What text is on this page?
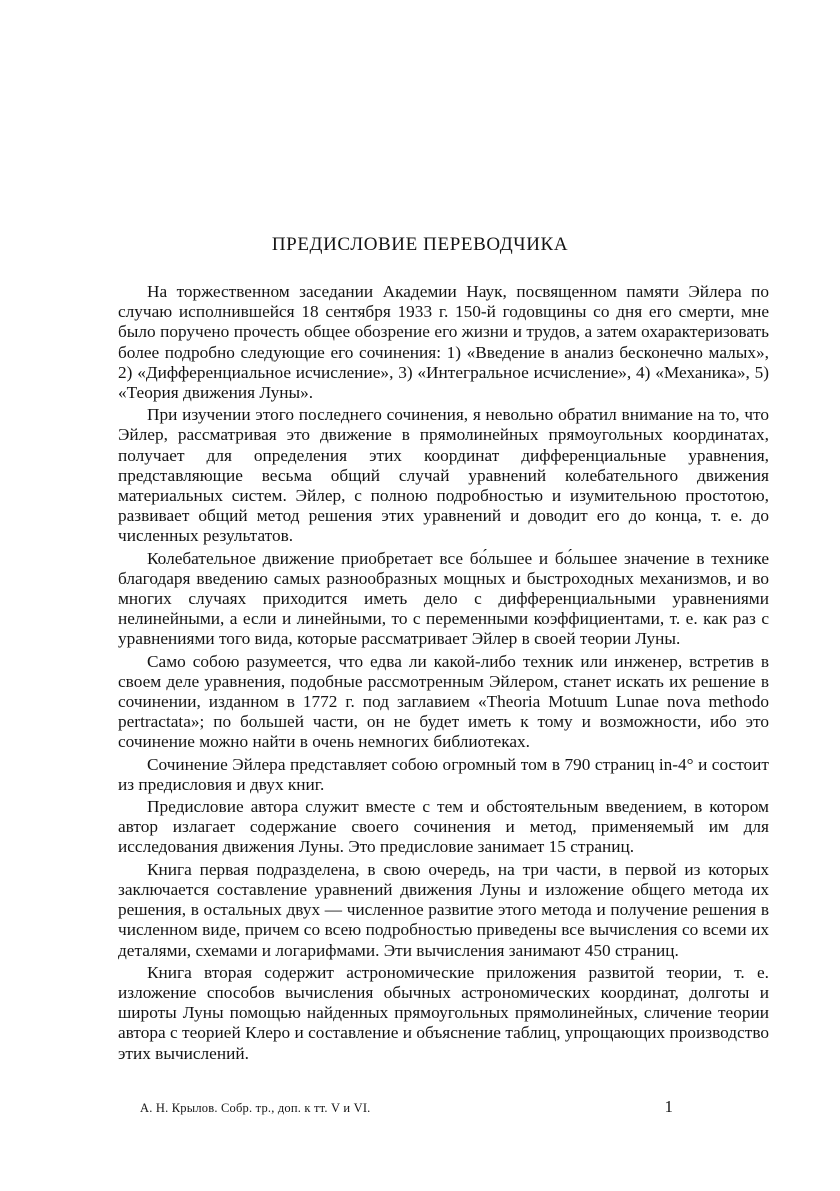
ПРЕДИСЛОВИЕ ПЕРЕВОДЧИКА

На торжественном заседании Академии Наук, посвященном памяти Эйлера по случаю исполнившейся 18 сентября 1933 г. 150-й годовщины со дня его смерти, мне было поручено прочесть общее обозрение его жизни и трудов, а затем охарактеризовать более подробно следующие его сочинения: 1) «Введение в анализ бесконечно малых», 2) «Дифференциальное исчисление», 3) «Интегральное исчисление», 4) «Механика», 5) «Теория движения Луны».

При изучении этого последнего сочинения, я невольно обратил внимание на то, что Эйлер, рассматривая это движение в прямолинейных прямоугольных координатах, получает для определения этих координат дифференциальные уравнения, представляющие весьма общий случай уравнений колебательного движения материальных систем. Эйлер, с полною подробностью и изумительною простотою, развивает общий метод решения этих уравнений и доводит его до конца, т. е. до численных результатов.

Колебательное движение приобретает все бо́льшее и бо́льшее значение в технике благодаря введению самых разнообразных мощных и быстроходных механизмов, и во многих случаях приходится иметь дело с дифференциальными уравнениями нелинейными, а если и линейными, то с переменными коэффициентами, т. е. как раз с уравнениями того вида, которые рассматривает Эйлер в своей теории Луны.

Само собою разумеется, что едва ли какой-либо техник или инженер, встретив в своем деле уравнения, подобные рассмотренным Эйлером, станет искать их решение в сочинении, изданном в 1772 г. под заглавием «Theoria Motuum Lunae nova methodo pertractata»; по большей части, он не будет иметь к тому и возможности, ибо это сочинение можно найти в очень немногих библиотеках.

Сочинение Эйлера представляет собою огромный том в 790 страниц in-4° и состоит из предисловия и двух книг.

Предисловие автора служит вместе с тем и обстоятельным введением, в котором автор излагает содержание своего сочинения и метод, применяемый им для исследования движения Луны. Это предисловие занимает 15 страниц.

Книга первая подразделена, в свою очередь, на три части, в первой из которых заключается составление уравнений движения Луны и изложение общего метода их решения, в остальных двух — численное развитие этого метода и получение решения в численном виде, причем со всею подробностью приведены все вычисления со всеми их деталями, схемами и логарифмами. Эти вычисления занимают 450 страниц.

Книга вторая содержит астрономические приложения развитой теории, т. е. изложение способов вычисления обычных астрономических координат, долготы и широты Луны помощью найденных прямоугольных прямолинейных, сличение теории автора с теорией Клеро и составление и объяснение таблиц, упрощающих производство этих вычислений.

А. Н. Крылов. Собр. тр., доп. к тт. V и VI.	1
